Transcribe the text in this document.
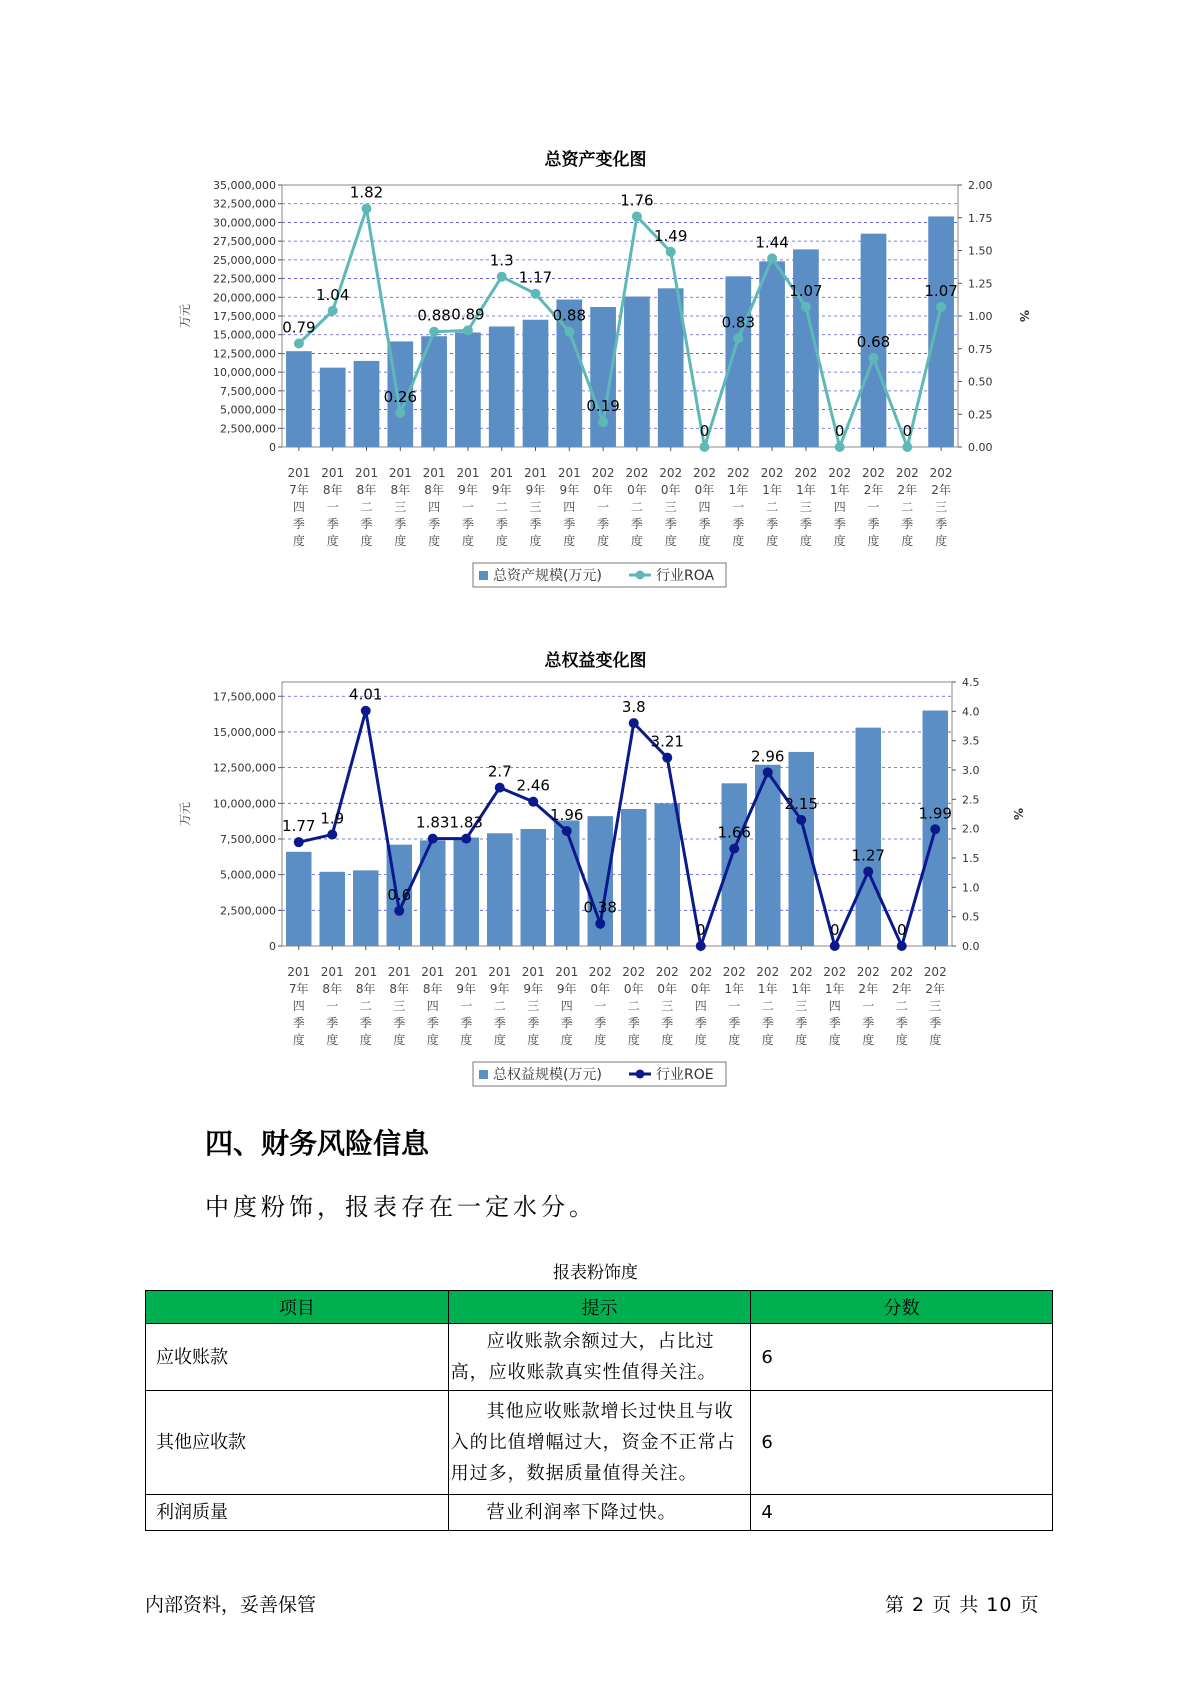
总资产变化图
0
2,500,000
5,000,000
7,500,000
10,000,000
12,500,000
15,000,000
17,500,000
20,000,000
22,500,000
25,000,000
27,500,000
30,000,000
32,500,000
35,000,000
0.00
0.25
0.50
0.75
1.00
1.25
1.50
1.75
2.00
万元	%
201 7年四季度
201 8年一季度
201 8年二季度
201 8年三季度
201 8年四季度
201 9年一季度
201 9年二季度
201 9年三季度
201 9年四季度
202 0年一季度
202 0年二季度
202 0年三季度
202 0年四季度
202 1年一季度
202 1年二季度
202 1年三季度
202 1年四季度
202 2年一季度
202 2年二季度
202 2年三季度
0.79
1.04
1.82
0.26
0.88 0.89
1.3
1.17
0.88
0.19
1.76
1.49
0
0.83
1.44
1.07
0
0.68
0
1.07
总资产规模(万元)	行业ROA
总权益变化图
0
2,500,000
5,000,000
7,500,000
10,000,000
12,500,000
15,000,000
17,500,000
0.0
0.5
1.0
1.5
2.0
2.5
3.0
3.5
4.0
4.5
万元	%
201 7年四季度
201 8年一季度
201 8年二季度
201 8年三季度
201 8年四季度
201 9年一季度
201 9年二季度
201 9年三季度
201 9年四季度
202 0年一季度
202 0年二季度
202 0年三季度
202 0年四季度
202 1年一季度
202 1年二季度
202 1年三季度
202 1年四季度
202 2年一季度
202 2年二季度
202 2年三季度
1.77 1.9
4.01
0.6
1.83 1.83
2.7
2.46
1.96
0.38
3.8
3.21
0
1.66
2.96
2.15
0
1.27
0
1.99
总权益规模(万元)	行业ROE
四、财务风险信息
中度粉饰，报表存在一定水分。
报表粉饰度
项目	提示	分数
应收账款	应收账款余额过大，占比过高，应收账款真实性值得关注。	6
其他应收款	其他应收账款增长过快且与收入的比值增幅过大，资金不正常占用过多，数据质量值得关注。	6
利润质量	营业利润率下降过快。	4
内部资料，妥善保管	第 2 页 共 10 页
